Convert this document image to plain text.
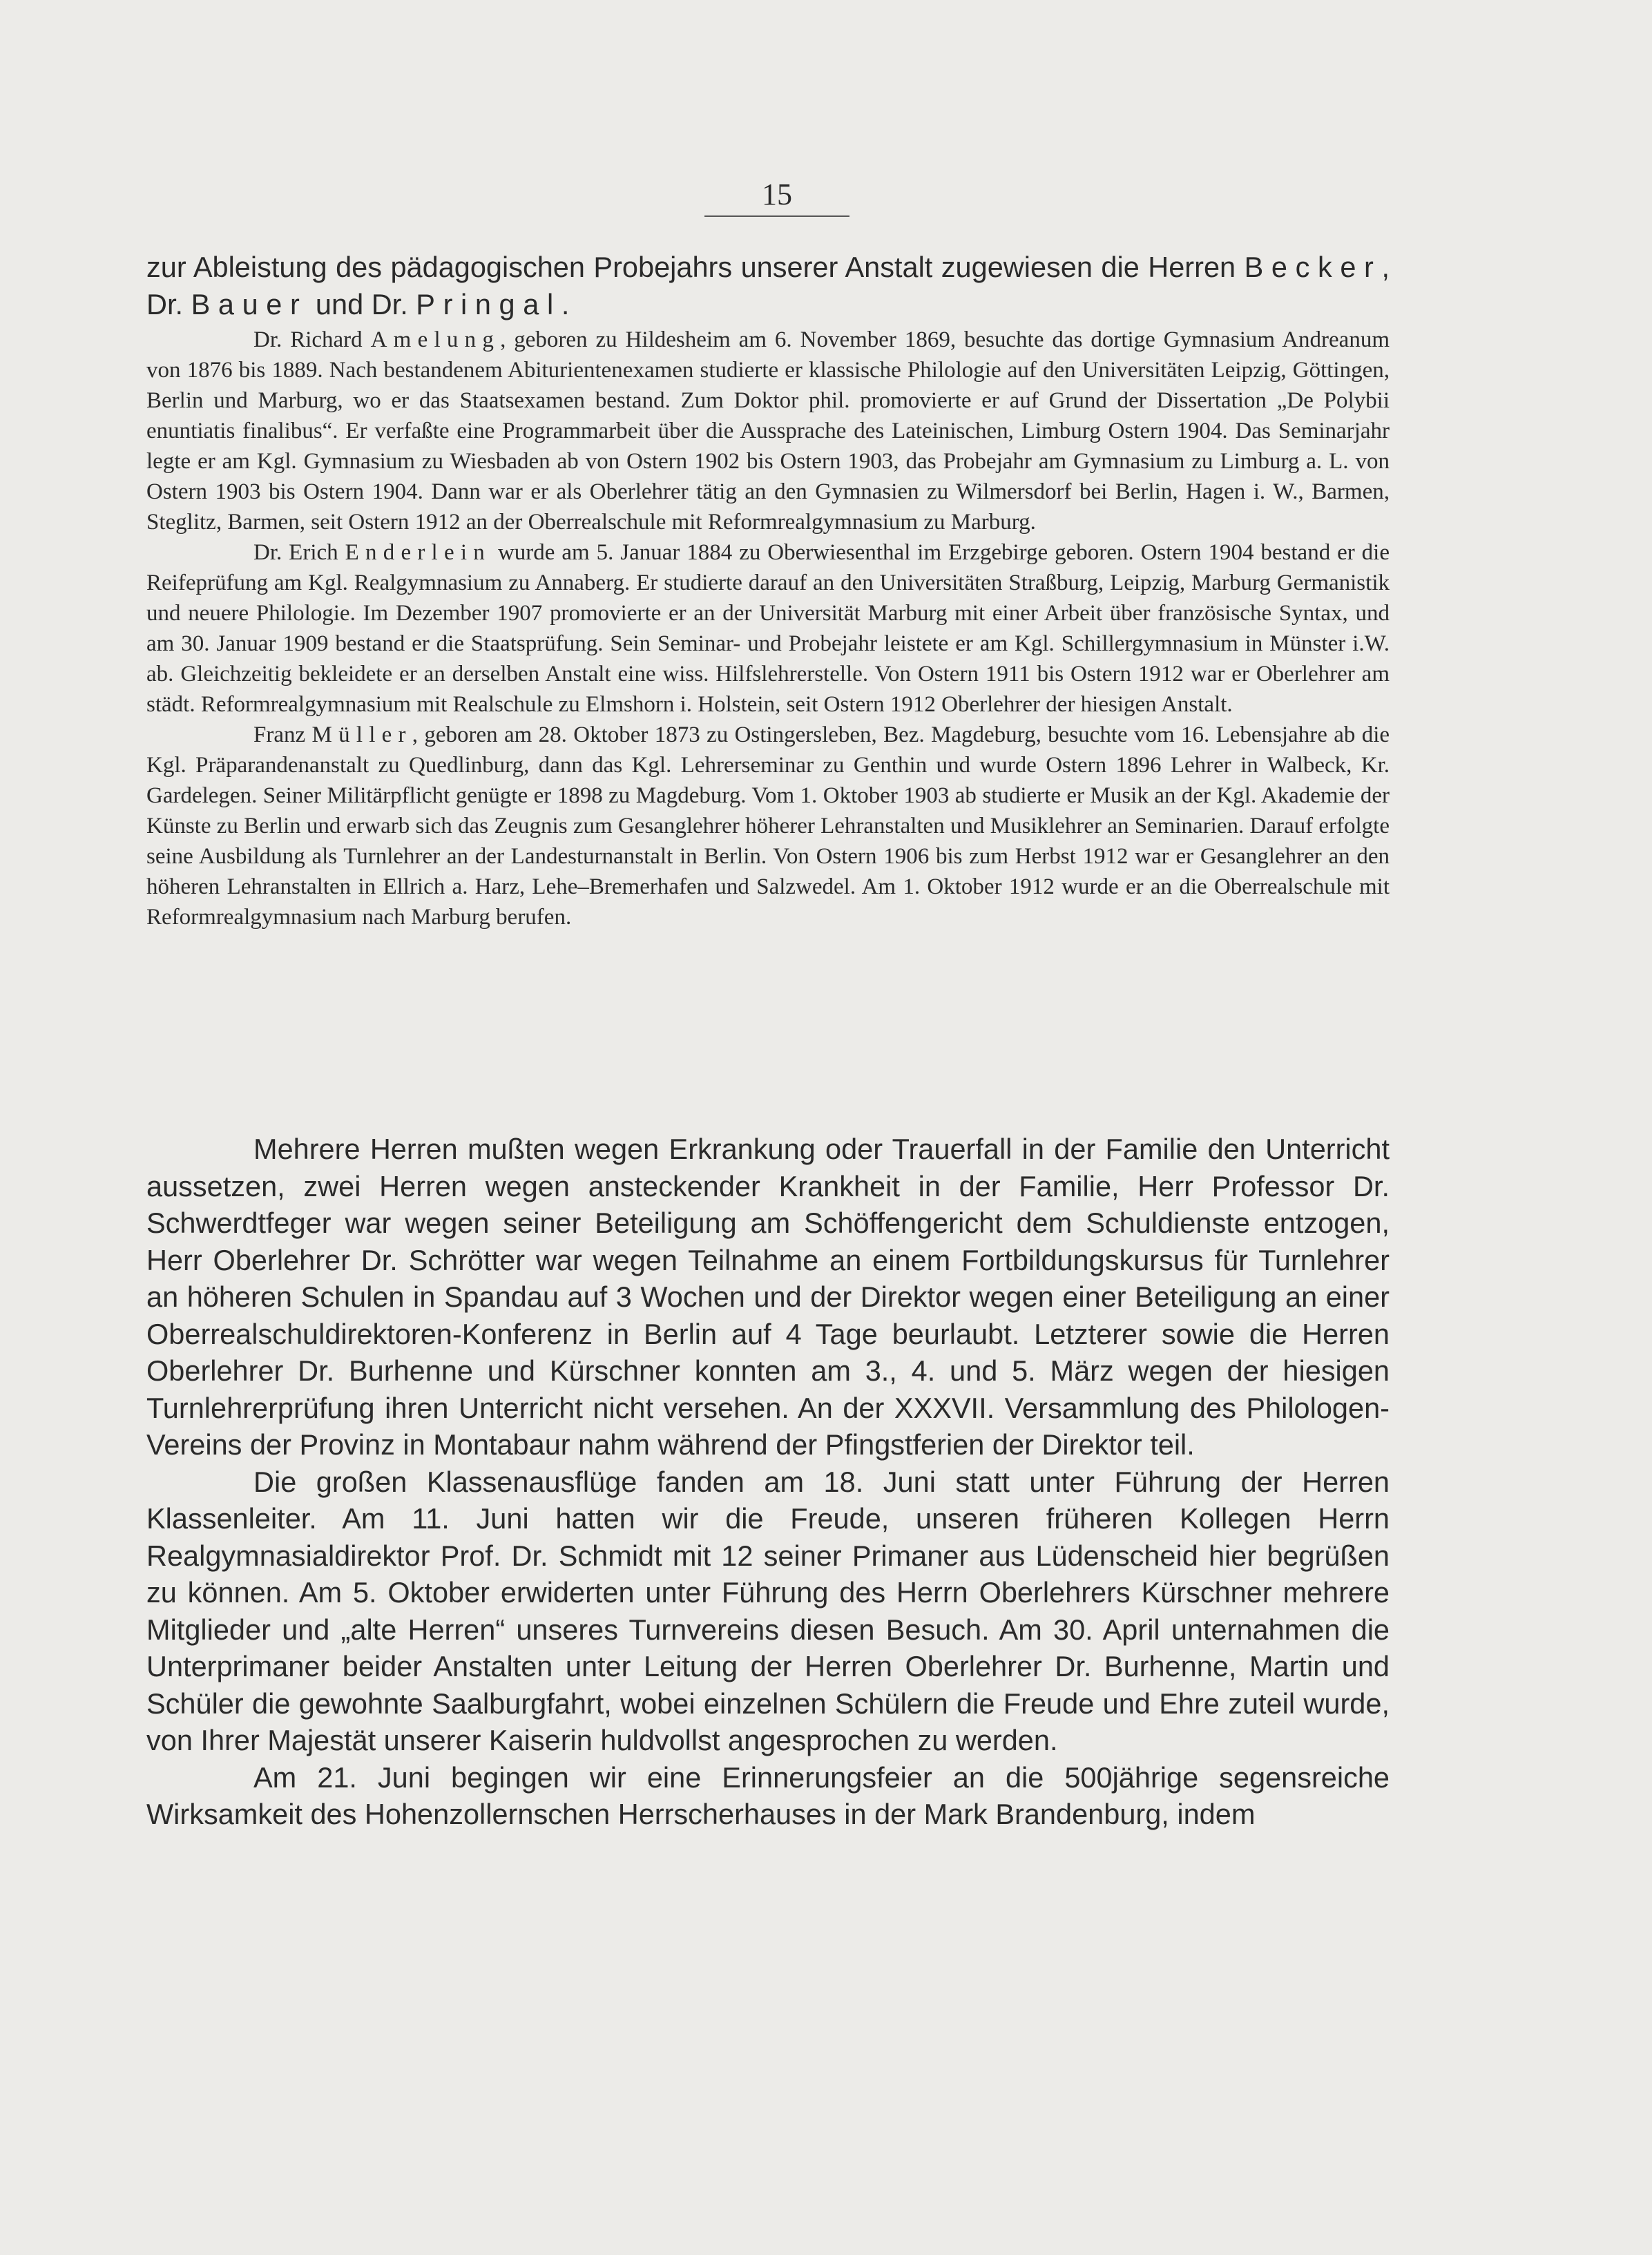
15

zur Ableistung des pädagogischen Probejahrs unserer Anstalt zugewiesen die Herren Becker, Dr. Bauer und Dr. Pringal.

Dr. Richard Amelung, geboren zu Hildesheim am 6. November 1869, besuchte das dortige Gymnasium Andreanum von 1876 bis 1889. Nach bestandenem Abiturientenexamen studierte er klassische Philologie auf den Universitäten Leipzig, Göttingen, Berlin und Marburg, wo er das Staatsexamen bestand. Zum Doktor phil. promovierte er auf Grund der Dissertation „De Polybii enuntiatis finalibus“. Er verfaßte eine Programmarbeit über die Aussprache des Lateinischen, Limburg Ostern 1904. Das Seminarjahr legte er am Kgl. Gymnasium zu Wiesbaden ab von Ostern 1902 bis Ostern 1903, das Probejahr am Gymnasium zu Limburg a. L. von Ostern 1903 bis Ostern 1904. Dann war er als Oberlehrer tätig an den Gymnasien zu Wilmersdorf bei Berlin, Hagen i. W., Barmen, Steglitz, Barmen, seit Ostern 1912 an der Oberrealschule mit Reformrealgymnasium zu Marburg.

Dr. Erich Enderlein wurde am 5. Januar 1884 zu Oberwiesenthal im Erzgebirge geboren. Ostern 1904 bestand er die Reifeprüfung am Kgl. Realgymnasium zu Annaberg. Er studierte darauf an den Universitäten Straßburg, Leipzig, Marburg Germanistik und neuere Philologie. Im Dezember 1907 promovierte er an der Universität Marburg mit einer Arbeit über französische Syntax, und am 30. Januar 1909 bestand er die Staatsprüfung. Sein Seminar- und Probejahr leistete er am Kgl. Schillergymnasium in Münster i.W. ab. Gleichzeitig bekleidete er an derselben Anstalt eine wiss. Hilfslehrerstelle. Von Ostern 1911 bis Ostern 1912 war er Oberlehrer am städt. Reformrealgymnasium mit Realschule zu Elmshorn i. Holstein, seit Ostern 1912 Oberlehrer der hiesigen Anstalt.

Franz Müller, geboren am 28. Oktober 1873 zu Ostingersleben, Bez. Magdeburg, besuchte vom 16. Lebensjahre ab die Kgl. Präparandenanstalt zu Quedlinburg, dann das Kgl. Lehrerseminar zu Genthin und wurde Ostern 1896 Lehrer in Walbeck, Kr. Gardelegen. Seiner Militärpflicht genügte er 1898 zu Magdeburg. Vom 1. Oktober 1903 ab studierte er Musik an der Kgl. Akademie der Künste zu Berlin und erwarb sich das Zeugnis zum Gesanglehrer höherer Lehranstalten und Musiklehrer an Seminarien. Darauf erfolgte seine Ausbildung als Turnlehrer an der Landesturnanstalt in Berlin. Von Ostern 1906 bis zum Herbst 1912 war er Gesanglehrer an den höheren Lehranstalten in Ellrich a. Harz, Lehe–Bremerhafen und Salzwedel. Am 1. Oktober 1912 wurde er an die Oberrealschule mit Reformrealgymnasium nach Marburg berufen.

Mehrere Herren mußten wegen Erkrankung oder Trauerfall in der Familie den Unterricht aussetzen, zwei Herren wegen ansteckender Krankheit in der Familie, Herr Professor Dr. Schwerdtfeger war wegen seiner Beteiligung am Schöffengericht dem Schuldienste entzogen, Herr Oberlehrer Dr. Schrötter war wegen Teilnahme an einem Fortbildungskursus für Turnlehrer an höheren Schulen in Spandau auf 3 Wochen und der Direktor wegen einer Beteiligung an einer Oberrealschuldirektoren-Konferenz in Berlin auf 4 Tage beurlaubt. Letzterer sowie die Herren Oberlehrer Dr. Burhenne und Kürschner konnten am 3., 4. und 5. März wegen der hiesigen Turnlehrerprüfung ihren Unterricht nicht versehen. An der XXXVII. Versammlung des Philologen-Vereins der Provinz in Montabaur nahm während der Pfingstferien der Direktor teil.

Die großen Klassenausflüge fanden am 18. Juni statt unter Führung der Herren Klassenleiter. Am 11. Juni hatten wir die Freude, unseren früheren Kollegen Herrn Realgymnasialdirektor Prof. Dr. Schmidt mit 12 seiner Primaner aus Lüdenscheid hier begrüßen zu können. Am 5. Oktober erwiderten unter Führung des Herrn Oberlehrers Kürschner mehrere Mitglieder und „alte Herren“ unseres Turnvereins diesen Besuch. Am 30. April unternahmen die Unterprimaner beider Anstalten unter Leitung der Herren Oberlehrer Dr. Burhenne, Martin und Schüler die gewohnte Saalburgfahrt, wobei einzelnen Schülern die Freude und Ehre zuteil wurde, von Ihrer Majestät unserer Kaiserin huldvollst angesprochen zu werden.

Am 21. Juni begingen wir eine Erinnerungsfeier an die 500jährige segensreiche Wirksamkeit des Hohenzollernschen Herrscherhauses in der Mark Brandenburg, indem
